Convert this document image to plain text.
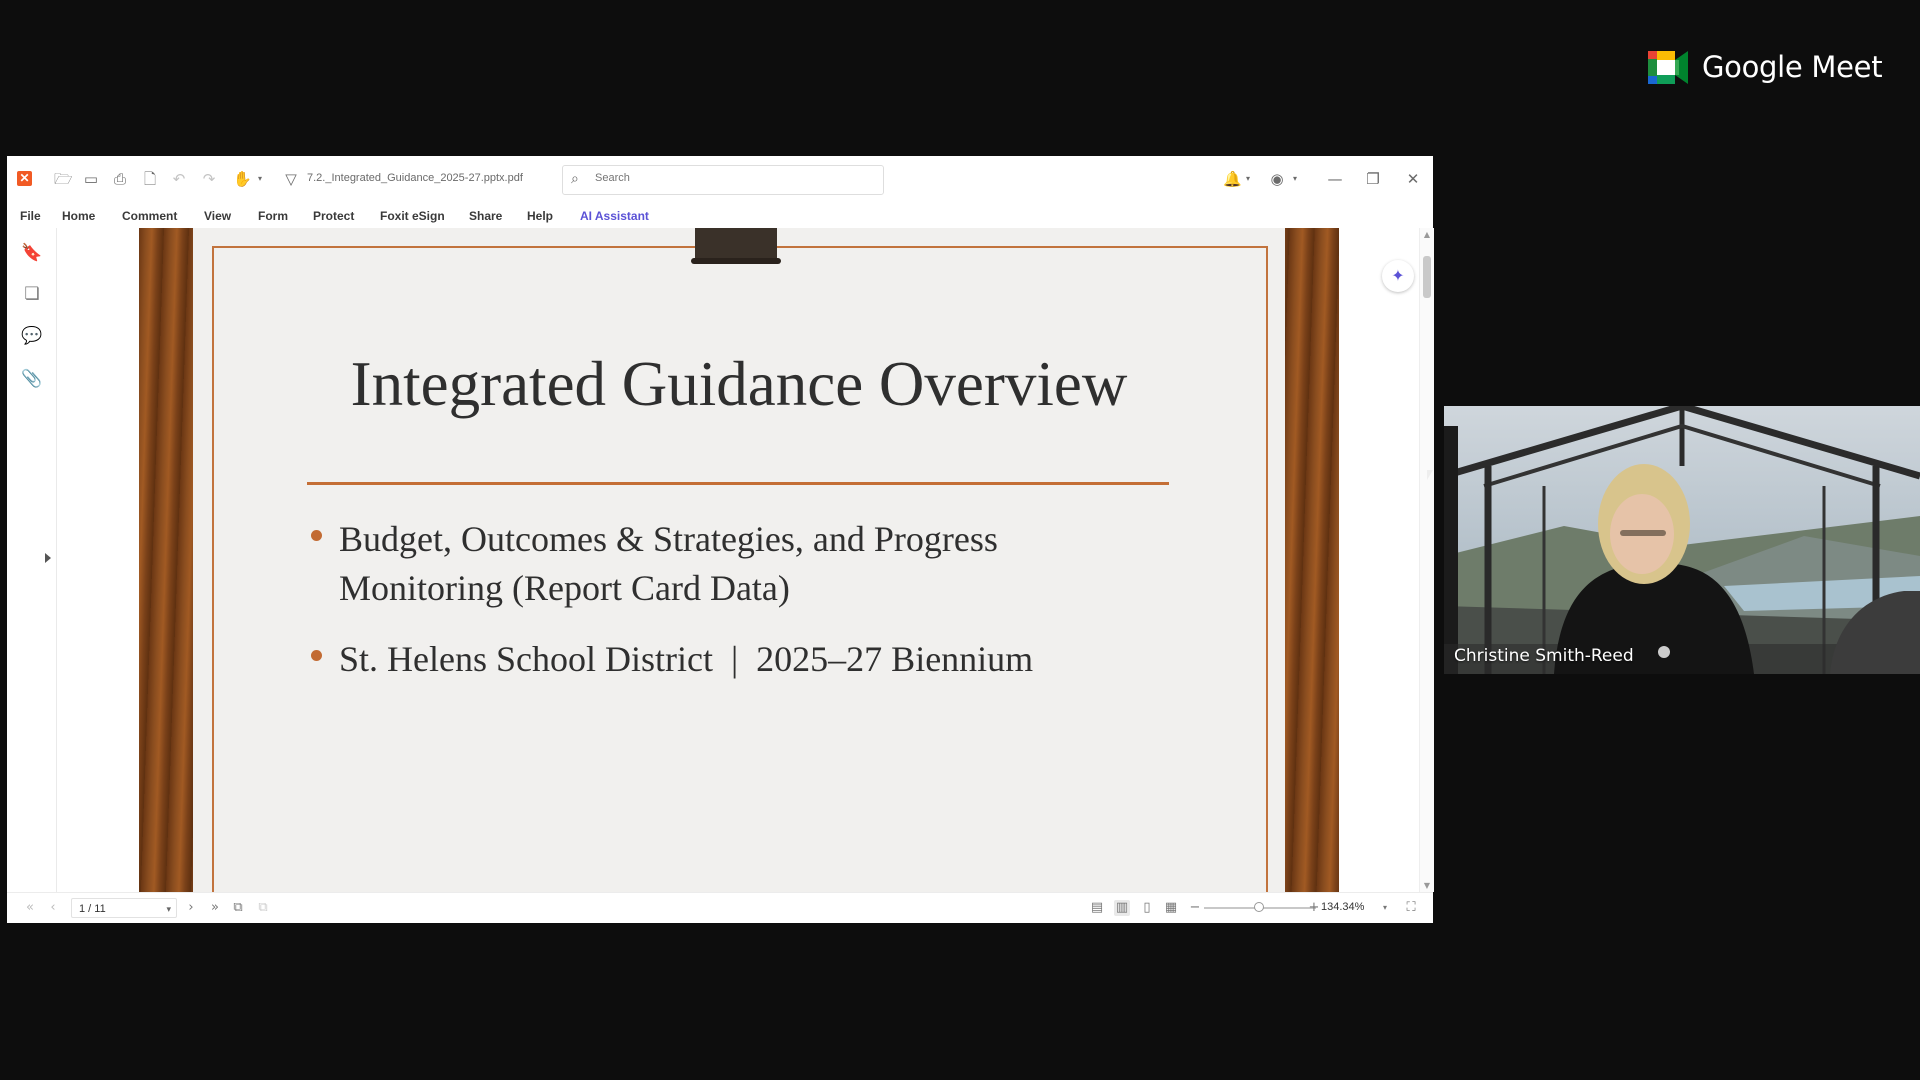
Google Meet
✕ 🗁 ▭ ⎙ 🗋 ↶ ↷ ✋ ▾	▽ 7.2._Integrated_Guidance_2025-27.pptx.pdf	⌕
Search	🔔 ▾	◉	▾	— ❐ ✕
File Home Comment View Form Protect Foxit eSign Share Help AI Assistant
🔖
❏
💬
📎	Integrated Guidance Overview
Budget, Outcomes & Strategies, and Progress
Monitoring (Report Card Data)
St. Helens School District  |  2025–27 Biennium
✦
▲
▼
«	‹	1 / 11	▾	›	»	⧉ ⧉	▤ ▥	▯	▦ −	+ 134.34%	▾	⛶
Christine Smith-Reed
